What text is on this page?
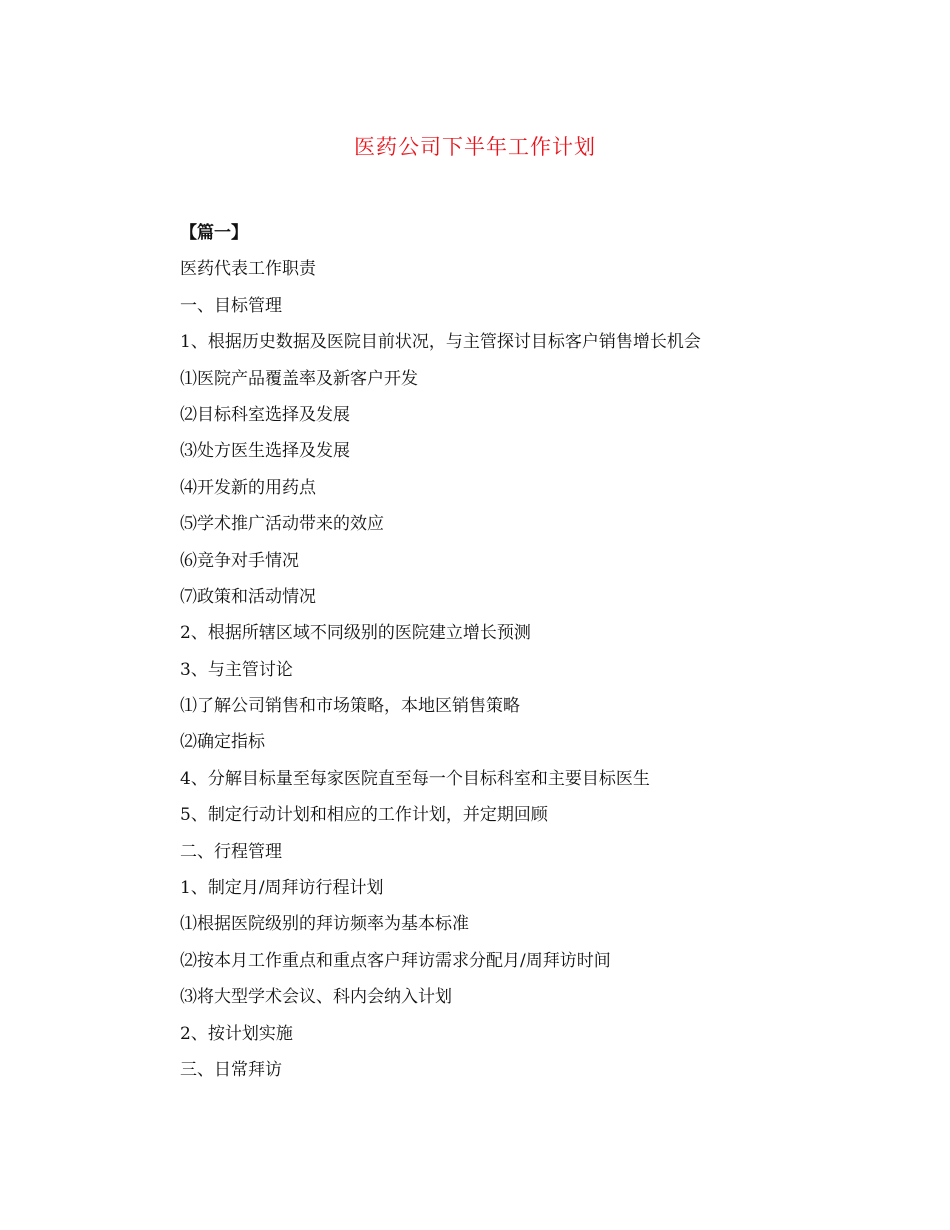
医药公司下半年工作计划
【篇一】
医药代表工作职责
一、目标管理
1、根据历史数据及医院目前状况，与主管探讨目标客户销售增长机会
⑴医院产品覆盖率及新客户开发
⑵目标科室选择及发展
⑶处方医生选择及发展
⑷开发新的用药点
⑸学术推广活动带来的效应
⑹竞争对手情况
⑺政策和活动情况
2、根据所辖区域不同级别的医院建立增长预测
3、与主管讨论
⑴了解公司销售和市场策略，本地区销售策略
⑵确定指标
4、分解目标量至每家医院直至每一个目标科室和主要目标医生
5、制定行动计划和相应的工作计划，并定期回顾
二、行程管理
1、制定月/周拜访行程计划
⑴根据医院级别的拜访频率为基本标准
⑵按本月工作重点和重点客户拜访需求分配月/周拜访时间
⑶将大型学术会议、科内会纳入计划
2、按计划实施
三、日常拜访
